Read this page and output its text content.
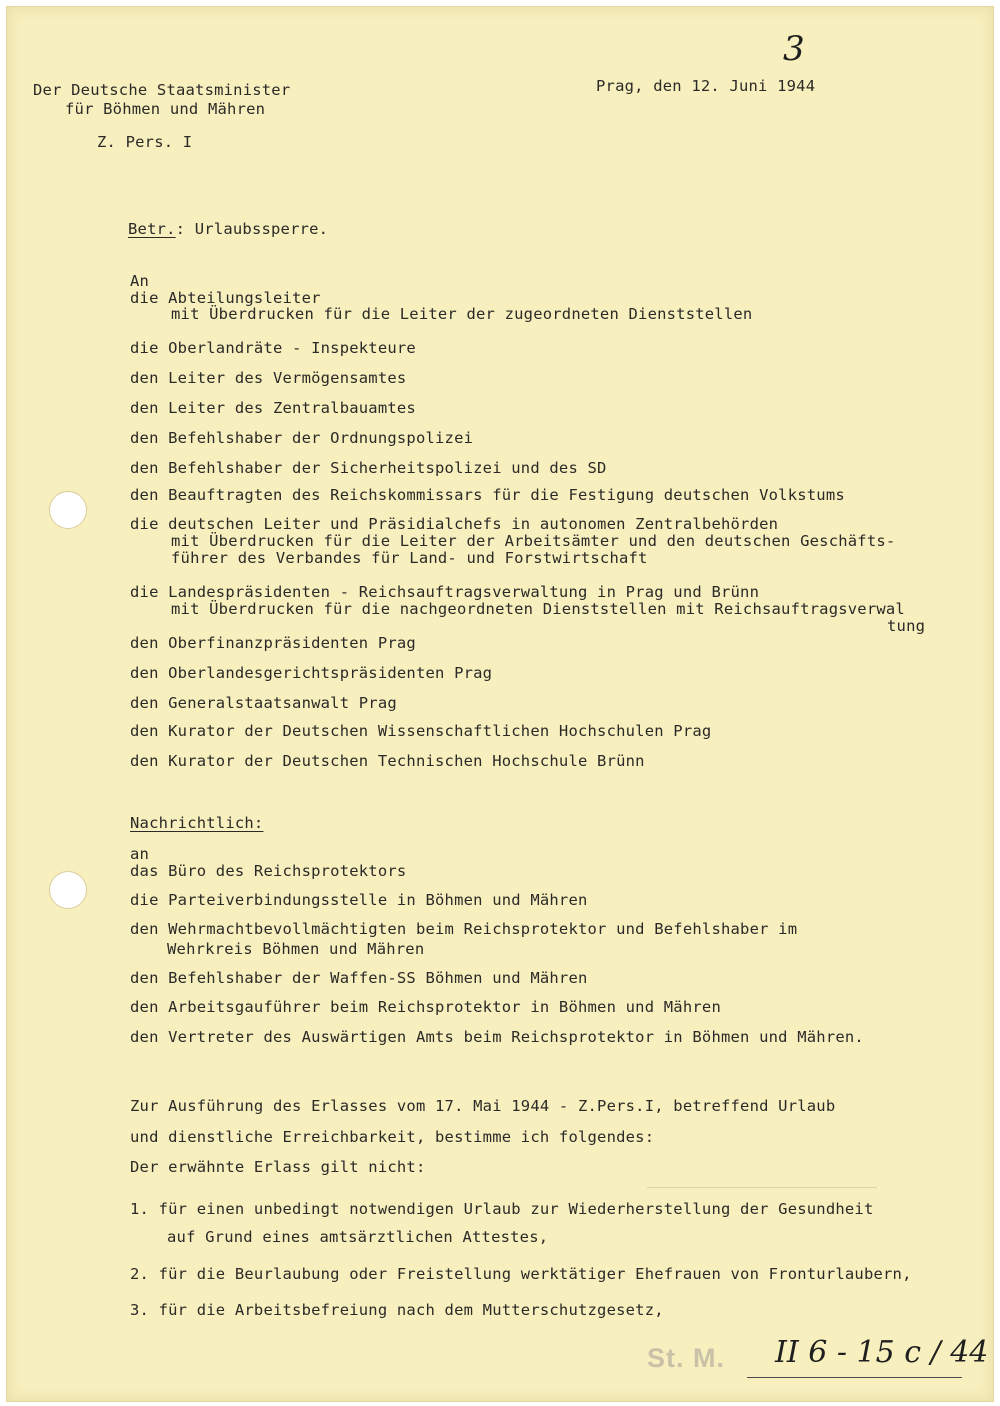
3
Der Deutsche Staatsminister
für Böhmen und Mähren
Z. Pers. I
Prag, den 12. Juni 1944
Betr.: Urlaubssperre.
An
die Abteilungsleiter
mit Überdrucken für die Leiter der zugeordneten Dienststellen
die Oberlandräte - Inspekteure
den Leiter des Vermögensamtes
den Leiter des Zentralbauamtes
den Befehlshaber der Ordnungspolizei
den Befehlshaber der Sicherheitspolizei und des SD
den Beauftragten des Reichskommissars für die Festigung deutschen Volkstums
die deutschen Leiter und Präsidialchefs in autonomen Zentralbehörden
mit Überdrucken für die Leiter der Arbeitsämter und den deutschen Geschäfts-
führer des Verbandes für Land- und Forstwirtschaft
die Landespräsidenten - Reichsauftragsverwaltung in Prag und Brünn
mit Überdrucken für die nachgeordneten Dienststellen mit Reichsauftragsverwal
tung
den Oberfinanzpräsidenten Prag
den Oberlandesgerichtspräsidenten Prag
den Generalstaatsanwalt Prag
den Kurator der Deutschen Wissenschaftlichen Hochschulen Prag
den Kurator der Deutschen Technischen Hochschule Brünn
Nachrichtlich:
an
das Büro des Reichsprotektors
die Parteiverbindungsstelle in Böhmen und Mähren
den Wehrmachtbevollmächtigten beim Reichsprotektor und Befehlshaber im
Wehrkreis Böhmen und Mähren
den Befehlshaber der Waffen-SS Böhmen und Mähren
den Arbeitsgauführer beim Reichsprotektor in Böhmen und Mähren
den Vertreter des Auswärtigen Amts beim Reichsprotektor in Böhmen und Mähren.
Zur Ausführung des Erlasses vom 17. Mai 1944 - Z.Pers.I, betreffend Urlaub
und dienstliche Erreichbarkeit, bestimme ich folgendes:
Der erwähnte Erlass gilt nicht:
1. für einen unbedingt notwendigen Urlaub zur Wiederherstellung der Gesundheit
auf Grund eines amtsärztlichen Attestes,
2. für die Beurlaubung oder Freistellung werktätiger Ehefrauen von Fronturlaubern,
3. für die Arbeitsbefreiung nach dem Mutterschutzgesetz,
St. M. II 6 - 15 c / 44
